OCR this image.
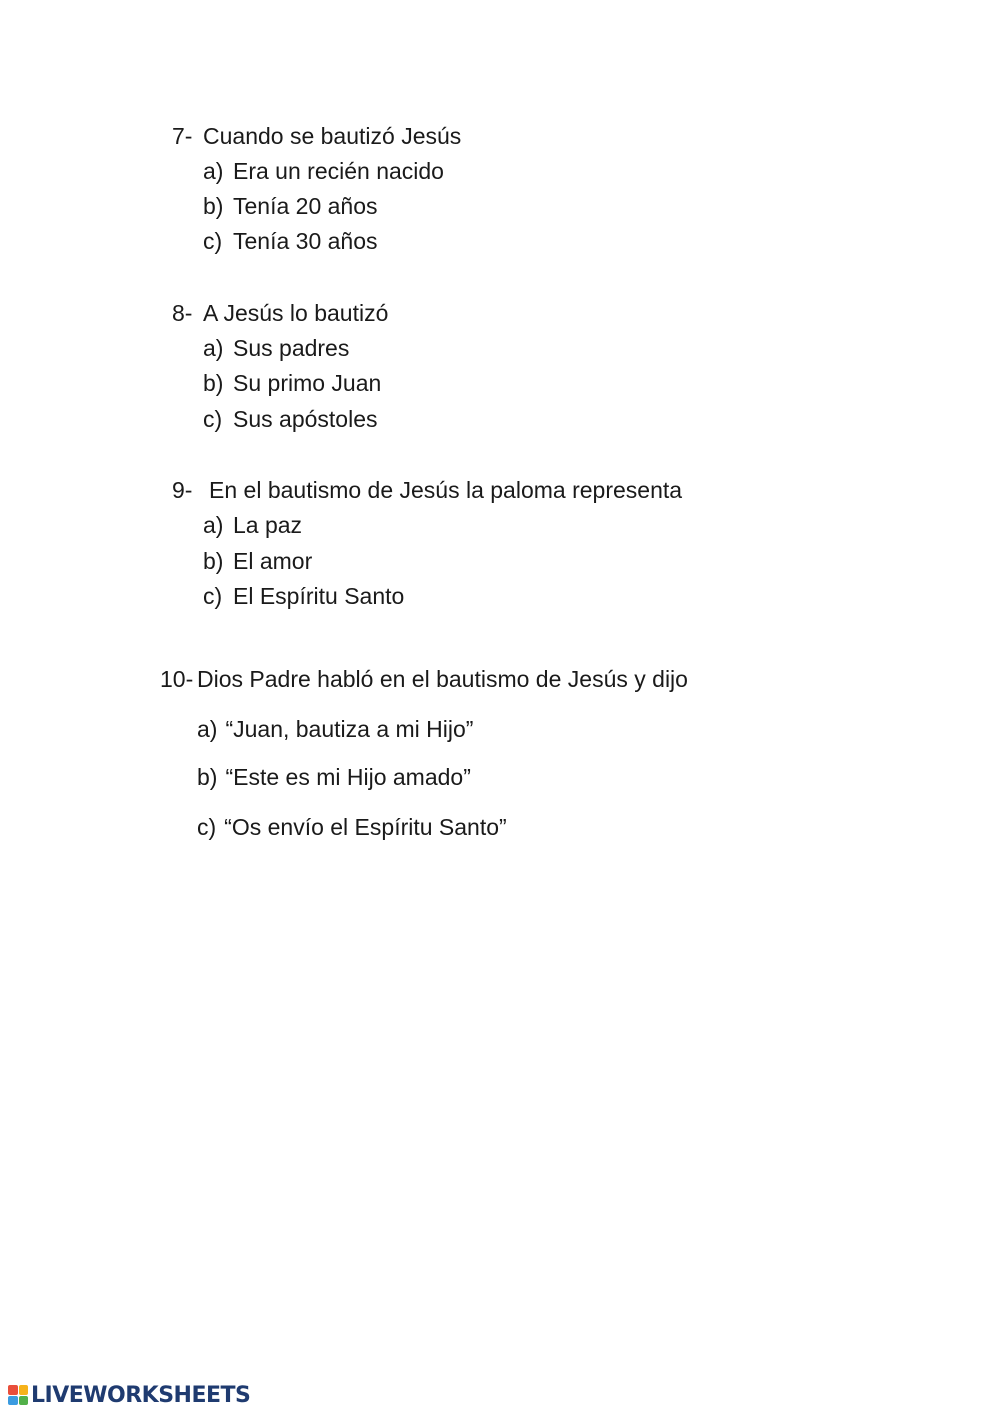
7- Cuando se bautizó Jesús
a) Era un recién nacido
b) Tenía 20 años
c) Tenía 30 años
8- A Jesús lo bautizó
a) Sus padres
b) Su primo Juan
c) Sus apóstoles
9- En el bautismo de Jesús la paloma representa
a) La paz
b) El amor
c) El Espíritu Santo
10- Dios Padre habló en el bautismo de Jesús y dijo
a) “Juan, bautiza a mi Hijo”
b) “Este es mi Hijo amado”
c) “Os envío el Espíritu Santo”
LIVEWORKSHEETS
